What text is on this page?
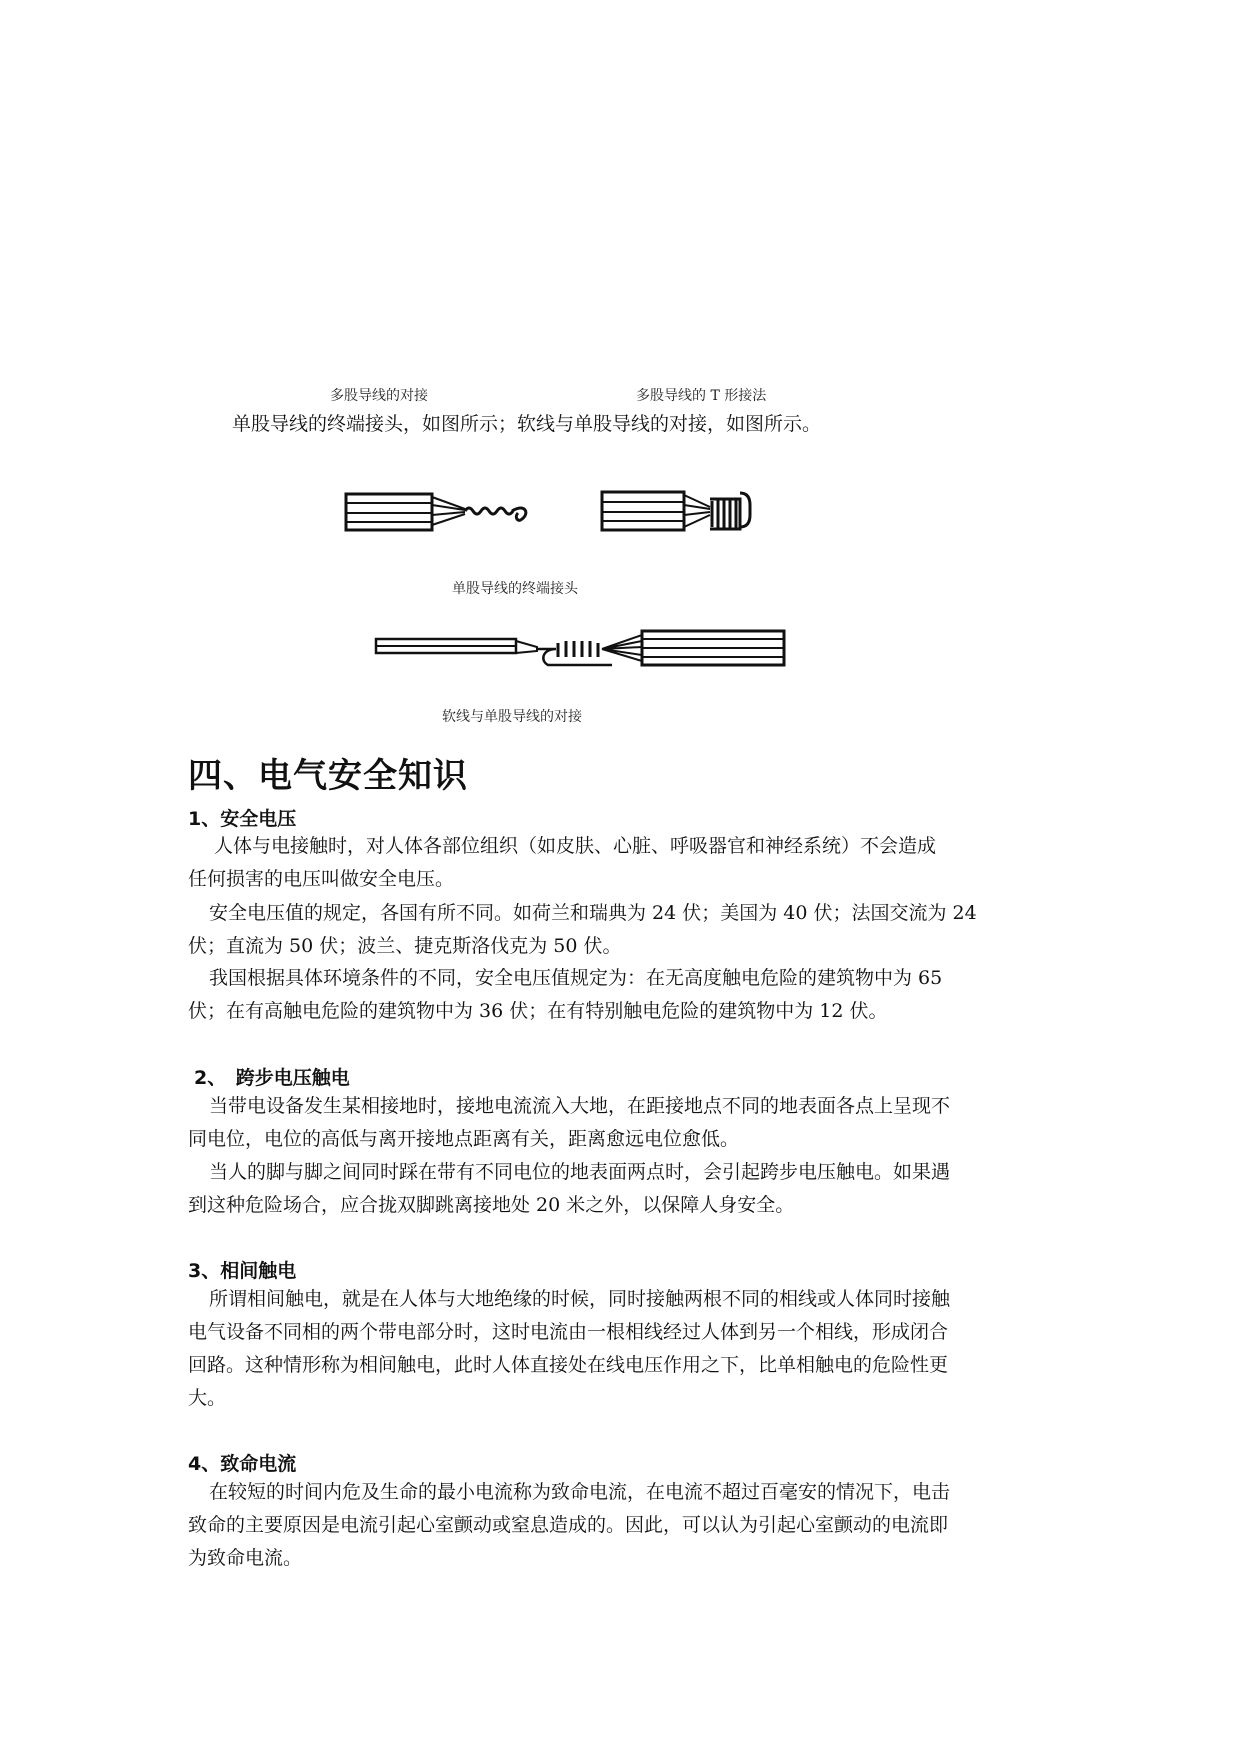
多股导线的对接	多股导线的 T 形接法
单股导线的终端接头，如图所示；软线与单股导线的对接，如图所示。
单股导线的终端接头
软线与单股导线的对接
四、电气安全知识
1、安全电压
人体与电接触时，对人体各部位组织（如皮肤、心脏、呼吸器官和神经系统）不会造成
任何损害的电压叫做安全电压。
安全电压值的规定，各国有所不同。如荷兰和瑞典为 24 伏；美国为 40 伏；法国交流为 24
伏；直流为 50 伏；波兰、捷克斯洛伐克为 50 伏。
我国根据具体环境条件的不同，安全电压值规定为：在无高度触电危险的建筑物中为 65
伏；在有高触电危险的建筑物中为 36 伏；在有特别触电危险的建筑物中为 12 伏。
2、　跨步电压触电
当带电设备发生某相接地时，接地电流流入大地，在距接地点不同的地表面各点上呈现不
同电位，电位的高低与离开接地点距离有关，距离愈远电位愈低。
当人的脚与脚之间同时踩在带有不同电位的地表面两点时，会引起跨步电压触电。如果遇
到这种危险场合，应合拢双脚跳离接地处 20 米之外，以保障人身安全。
3、相间触电
所谓相间触电，就是在人体与大地绝缘的时候，同时接触两根不同的相线或人体同时接触
电气设备不同相的两个带电部分时，这时电流由一根相线经过人体到另一个相线，形成闭合
回路。这种情形称为相间触电，此时人体直接处在线电压作用之下，比单相触电的危险性更
大。
4、致命电流
在较短的时间内危及生命的最小电流称为致命电流，在电流不超过百毫安的情况下，电击
致命的主要原因是电流引起心室颤动或窒息造成的。因此，可以认为引起心室颤动的电流即
为致命电流。
